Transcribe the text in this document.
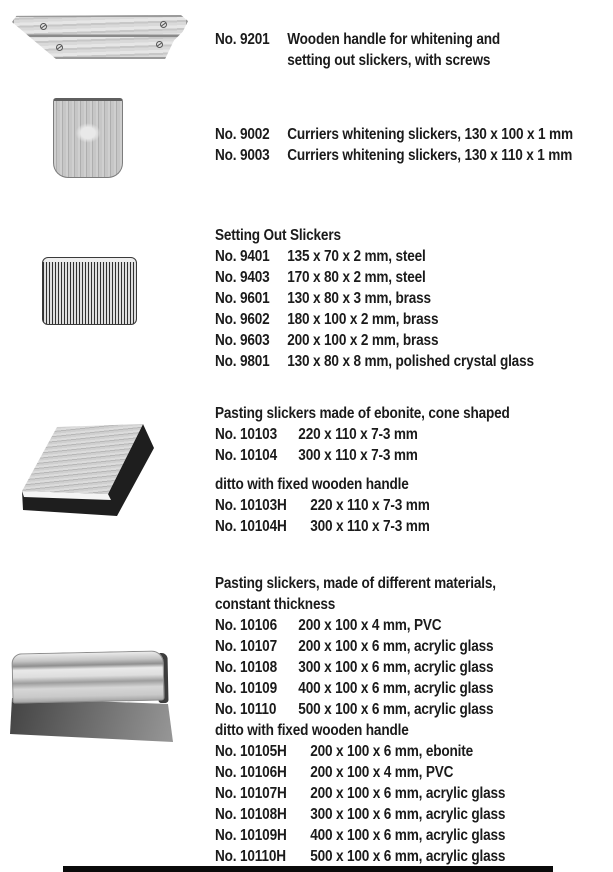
No. 9201	Wooden handle for whitening and
setting out slickers, with screws
No. 9002	Curriers whitening slickers, 130 x 100 x 1 mm
No. 9003	Curriers whitening slickers, 130 x 110 x 1 mm
Setting Out Slickers
No. 9401	135 x 70 x 2 mm, steel
No. 9403	170 x 80 x 2 mm, steel
No. 9601	130 x 80 x 3 mm, brass
No. 9602	180 x 100 x 2 mm, brass
No. 9603	200 x 100 x 2 mm, brass
No. 9801	130 x 80 x 8 mm, polished crystal glass
Pasting slickers made of ebonite, cone shaped
No. 10103	220 x 110 x 7-3 mm
No. 10104	300 x 110 x 7-3 mm
ditto with fixed wooden handle
No. 10103H	220 x 110 x 7-3 mm
No. 10104H	300 x 110 x 7-3 mm
Pasting slickers, made of different materials,
constant thickness
No. 10106	200 x 100 x 4 mm, PVC
No. 10107	200 x 100 x 6 mm, acrylic glass
No. 10108	300 x 100 x 6 mm, acrylic glass
No. 10109	400 x 100 x 6 mm, acrylic glass
No. 10110	500 x 100 x 6 mm, acrylic glass
ditto with fixed wooden handle
No. 10105H	200 x 100 x 6 mm, ebonite
No. 10106H	200 x 100 x 4 mm, PVC
No. 10107H	200 x 100 x 6 mm, acrylic glass
No. 10108H	300 x 100 x 6 mm, acrylic glass
No. 10109H	400 x 100 x 6 mm, acrylic glass
No. 10110H	500 x 100 x 6 mm, acrylic glass
